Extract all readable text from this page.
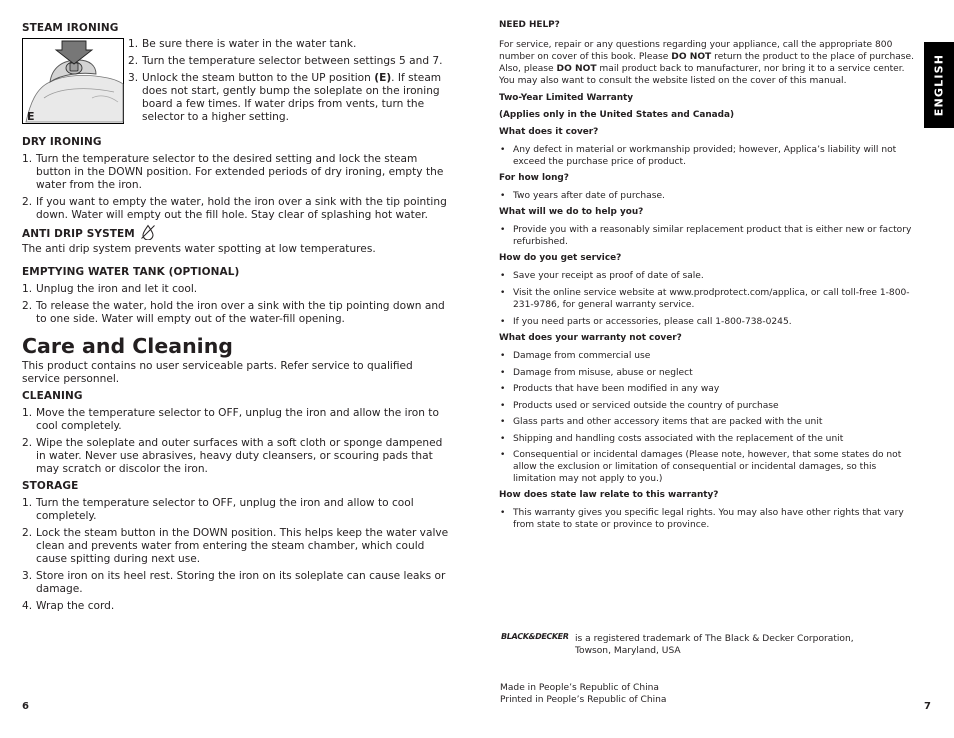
STEAM IRONING
E
1. Be sure there is water in the water tank.
2. Turn the temperature selector between settings 5 and 7.
3. Unlock the steam button to the UP position (E). If steam does not start, gently bump the soleplate on the ironing board a few times. If water drips from vents, turn the selector to a higher setting.
DRY IRONING
1. Turn the temperature selector to the desired setting and lock the steam button in the DOWN position. For extended periods of dry ironing, empty the water from the iron.
2. If you want to empty the water, hold the iron over a sink with the tip pointing down. Water will empty out the fill hole. Stay clear of splashing hot water.
ANTI DRIP SYSTEM
The anti drip system prevents water spotting at low temperatures.
EMPTYING WATER TANK (OPTIONAL)
1. Unplug the iron and let it cool.
2. To release the water, hold the iron over a sink with the tip pointing down and to one side. Water will empty out of the water-fill opening.
Care and Cleaning
This product contains no user serviceable parts. Refer service to qualified service personnel.
CLEANING
1. Move the temperature selector to OFF, unplug the iron and allow the iron to cool completely.
2. Wipe the soleplate and outer surfaces with a soft cloth or sponge dampened in water. Never use abrasives, heavy duty cleansers, or scouring pads that may scratch or discolor the iron.
STORAGE
1. Turn the temperature selector to OFF, unplug the iron and allow to cool completely.
2. Lock the steam button in the DOWN position. This helps keep the water valve clean and prevents water from entering the steam chamber, which could cause spitting during next use.
3. Store iron on its heel rest. Storing the iron on its soleplate can cause leaks or damage.
4. Wrap the cord.
6
NEED HELP?
For service, repair or any questions regarding your appliance, call the appropriate 800 number on cover of this book. Please DO NOT return the product to the place of purchase. Also, please DO NOT mail product back to manufacturer, nor bring it to a service center. You may also want to consult the website listed on the cover of this manual.
Two-Year Limited Warranty
(Applies only in the United States and Canada)
What does it cover?
• Any defect in material or workmanship provided; however, Applica’s liability will not exceed the purchase price of product.
For how long?
• Two years after date of purchase.
What will we do to help you?
• Provide you with a reasonably similar replacement product that is either new or factory refurbished.
How do you get service?
• Save your receipt as proof of date of sale.
• Visit the online service website at www.prodprotect.com/applica, or call toll-free 1-800-231-9786, for general warranty service.
• If you need parts or accessories, please call 1-800-738-0245.
What does your warranty not cover?
• Damage from commercial use
• Damage from misuse, abuse or neglect
• Products that have been modified in any way
• Products used or serviced outside the country of purchase
• Glass parts and other accessory items that are packed with the unit
• Shipping and handling costs associated with the replacement of the unit
• Consequential or incidental damages (Please note, however, that some states do not allow the exclusion or limitation of consequential or incidental damages, so this limitation may not apply to you.)
How does state law relate to this warranty?
• This warranty gives you specific legal rights. You may also have other rights that vary from state to state or province to province.
BLACK&DECKER is a registered trademark of The Black & Decker Corporation,
Towson, Maryland, USA
Made in People’s Republic of China
Printed in People’s Republic of China
7
ENGLISH
